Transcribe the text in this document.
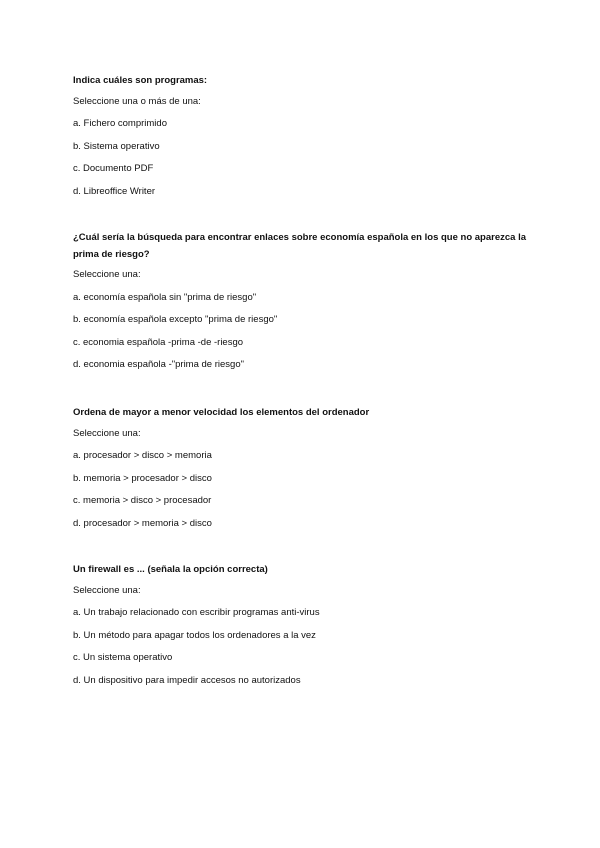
Indica cuáles son programas:
Seleccione una o más de una:
a. Fichero comprimido
b. Sistema operativo
c. Documento PDF
d. Libreoffice Writer
¿Cuál sería la búsqueda para encontrar enlaces sobre economía española en los que no aparezca la prima de riesgo?
Seleccione una:
a. economía española sin "prima de riesgo"
b. economía española excepto "prima de riesgo"
c. economia española -prima -de -riesgo
d. economia española -"prima de riesgo"
Ordena de mayor a menor velocidad los elementos del ordenador
Seleccione una:
a. procesador > disco > memoria
b. memoria > procesador > disco
c. memoria > disco > procesador
d. procesador > memoria > disco
Un firewall es ... (señala la opción correcta)
Seleccione una:
a. Un trabajo relacionado con escribir programas anti-virus
b. Un método para apagar todos los ordenadores a la vez
c. Un sistema operativo
d. Un dispositivo para impedir accesos no autorizados
